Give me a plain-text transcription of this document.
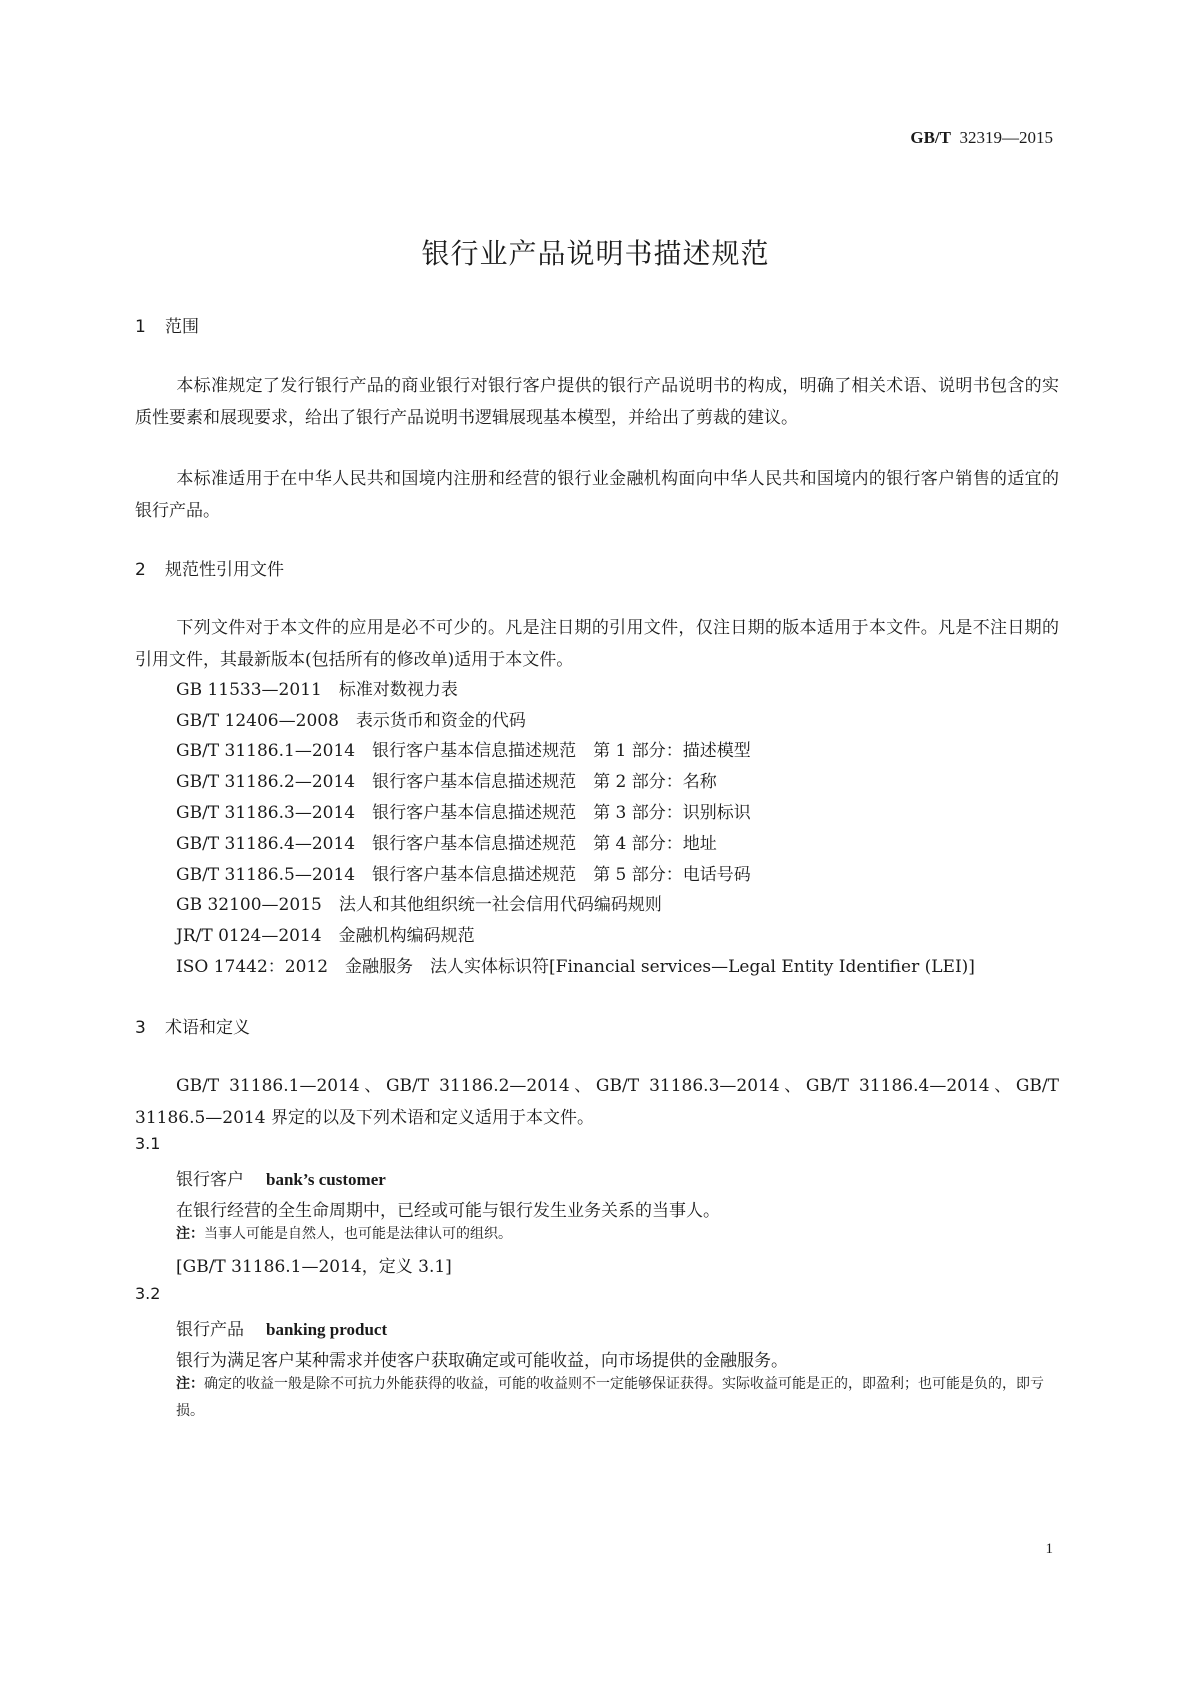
GB/T 32319—2015
银行业产品说明书描述规范
1 范围
本标准规定了发行银行产品的商业银行对银行客户提供的银行产品说明书的构成，明确了相关术语、说明书包含的实质性要素和展现要求，给出了银行产品说明书逻辑展现基本模型，并给出了剪裁的建议。
本标准适用于在中华人民共和国境内注册和经营的银行业金融机构面向中华人民共和国境内的银行客户销售的适宜的银行产品。
2 规范性引用文件
下列文件对于本文件的应用是必不可少的。凡是注日期的引用文件，仅注日期的版本适用于本文件。凡是不注日期的引用文件，其最新版本(包括所有的修改单)适用于本文件。
GB 11533—2011　标准对数视力表
GB/T 12406—2008　表示货币和资金的代码
GB/T 31186.1—2014　银行客户基本信息描述规范　第 1 部分：描述模型
GB/T 31186.2—2014　银行客户基本信息描述规范　第 2 部分：名称
GB/T 31186.3—2014　银行客户基本信息描述规范　第 3 部分：识别标识
GB/T 31186.4—2014　银行客户基本信息描述规范　第 4 部分：地址
GB/T 31186.5—2014　银行客户基本信息描述规范　第 5 部分：电话号码
GB 32100—2015　法人和其他组织统一社会信用代码编码规则
JR/T 0124—2014　金融机构编码规范
ISO 17442：2012　金融服务　法人实体标识符[Financial services—Legal Entity Identifier (LEI)]
3 术语和定义
GB/T 31186.1—2014、GB/T 31186.2—2014、GB/T 31186.3—2014、GB/T 31186.4—2014、GB/T 31186.5—2014 界定的以及下列术语和定义适用于本文件。
3.1
银行客户 bank’s customer
在银行经营的全生命周期中，已经或可能与银行发生业务关系的当事人。
注：当事人可能是自然人，也可能是法律认可的组织。
[GB/T 31186.1—2014，定义 3.1]
3.2
银行产品 banking product
银行为满足客户某种需求并使客户获取确定或可能收益，向市场提供的金融服务。
注：确定的收益一般是除不可抗力外能获得的收益，可能的收益则不一定能够保证获得。实际收益可能是正的，即盈利；也可能是负的，即亏损。
1
